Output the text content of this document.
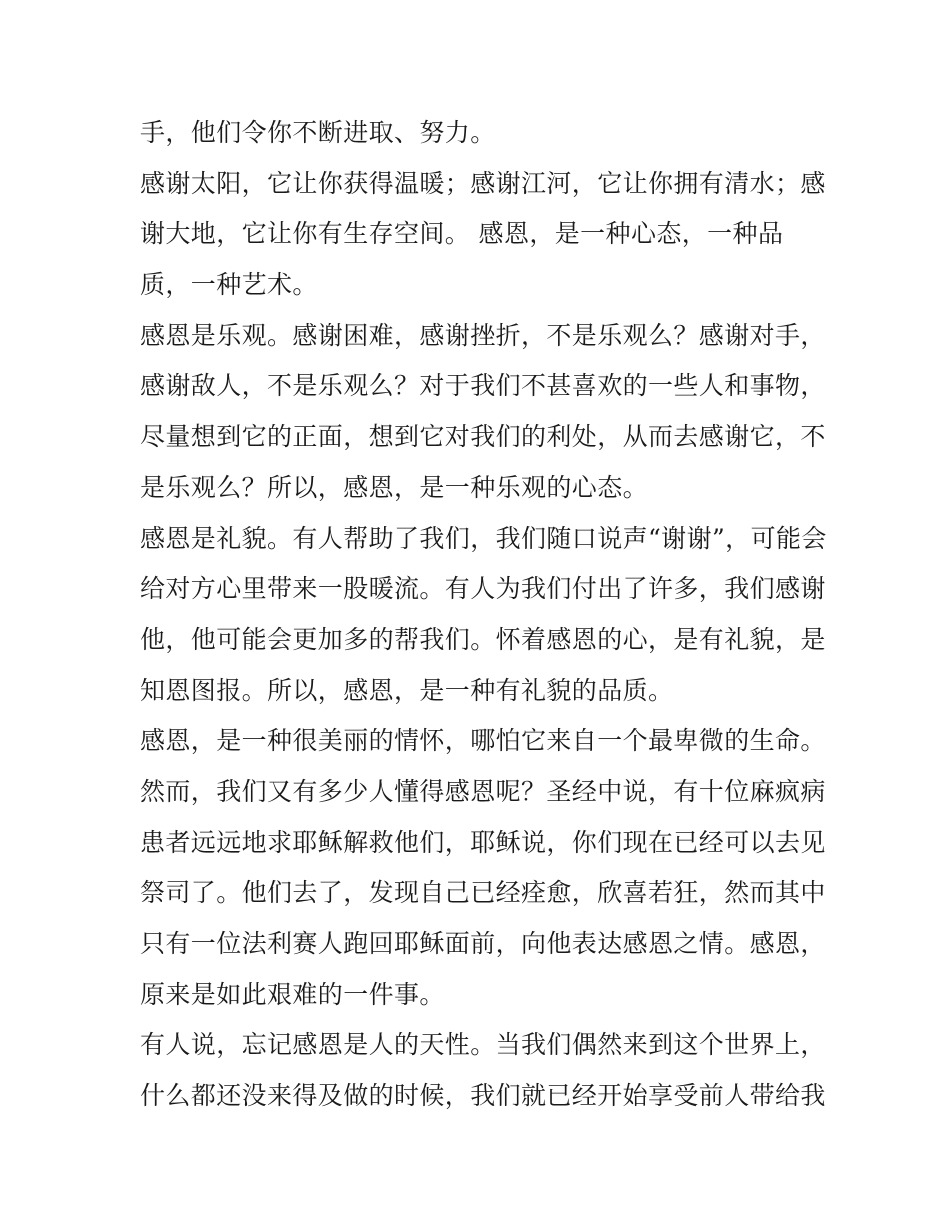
手，他们令你不断进取、努力。
感谢太阳，它让你获得温暖；感谢江河，它让你拥有清水；感
谢大地，它让你有生存空间。 感恩，是一种心态，一种品
质，一种艺术。
感恩是乐观。感谢困难，感谢挫折，不是乐观么？感谢对手，
感谢敌人，不是乐观么？对于我们不甚喜欢的一些人和事物，
尽量想到它的正面，想到它对我们的利处，从而去感谢它，不
是乐观么？所以，感恩，是一种乐观的心态。
感恩是礼貌。有人帮助了我们，我们随口说声“谢谢”，可能会
给对方心里带来一股暖流。有人为我们付出了许多，我们感谢
他，他可能会更加多的帮我们。怀着感恩的心，是有礼貌，是
知恩图报。所以，感恩，是一种有礼貌的品质。
感恩，是一种很美丽的情怀，哪怕它来自一个最卑微的生命。
然而，我们又有多少人懂得感恩呢？圣经中说，有十位麻疯病
患者远远地求耶稣解救他们，耶稣说，你们现在已经可以去见
祭司了。他们去了，发现自己已经痊愈，欣喜若狂，然而其中
只有一位法利赛人跑回耶稣面前，向他表达感恩之情。感恩，
原来是如此艰难的一件事。
有人说，忘记感恩是人的天性。当我们偶然来到这个世界上，
什么都还没来得及做的时候，我们就已经开始享受前人带给我
